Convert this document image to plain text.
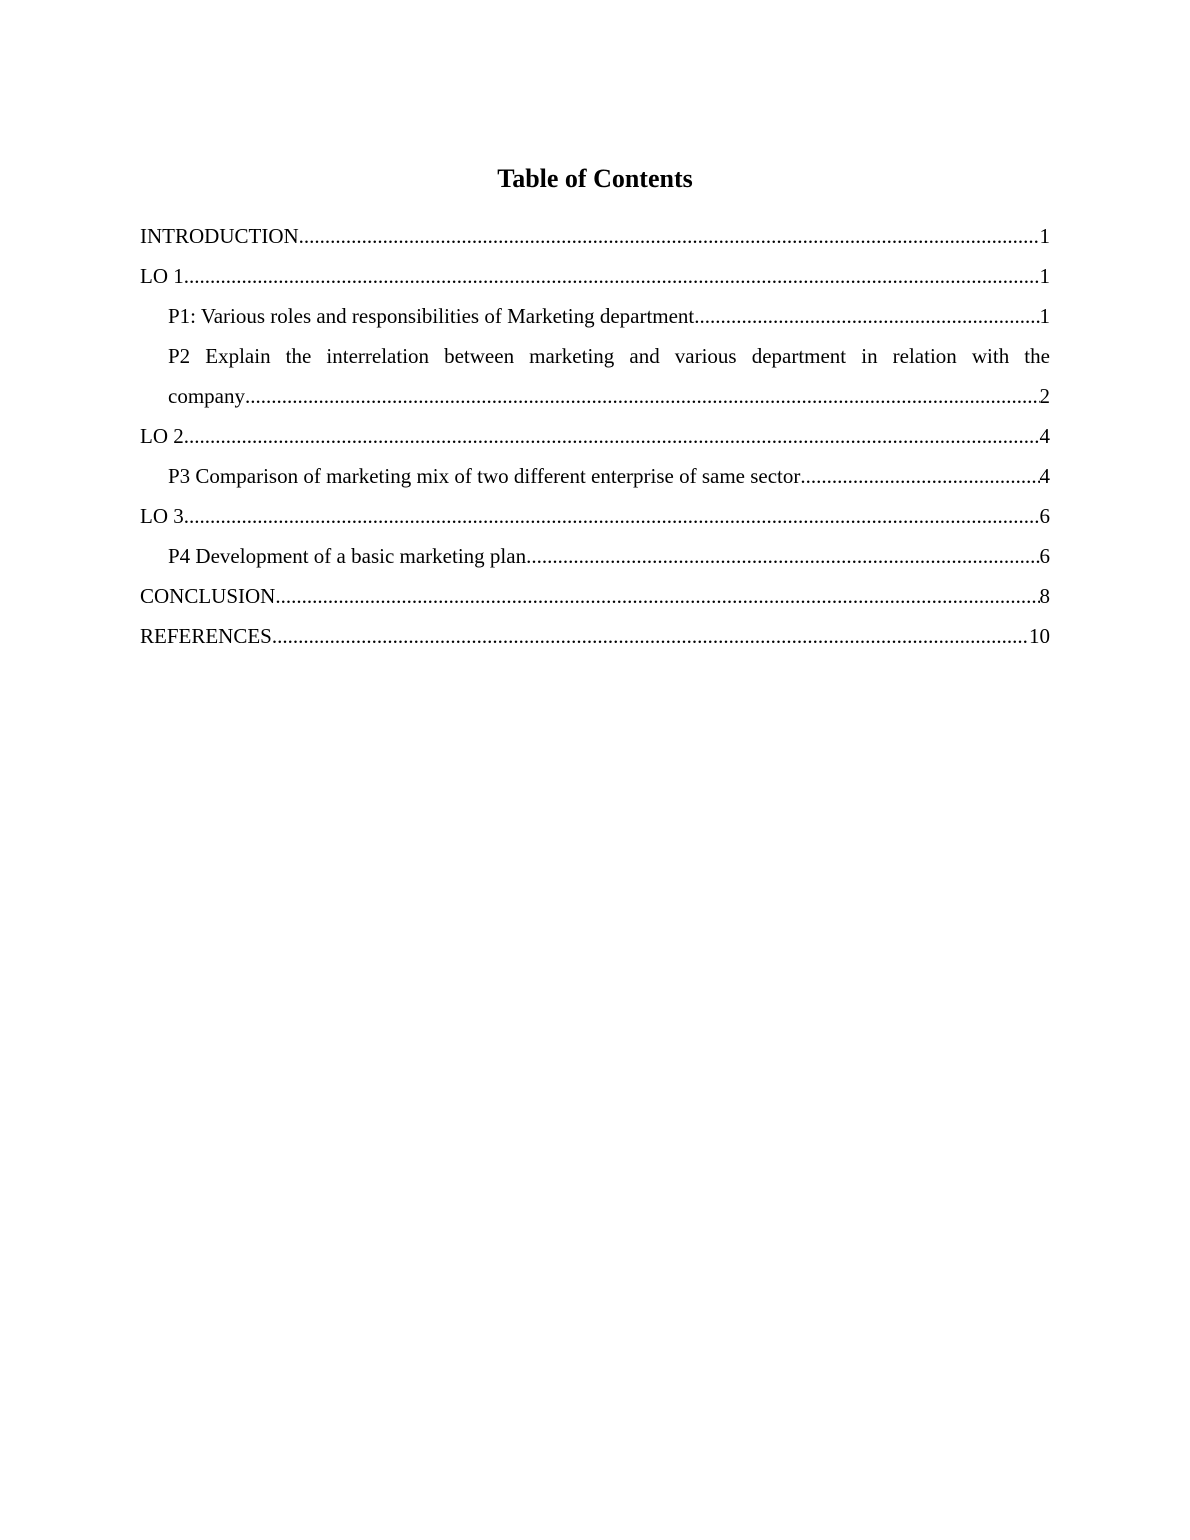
Table of Contents
INTRODUCTION .....	1
LO 1 .....	1
P1: Various roles and responsibilities of Marketing department .....	1
P2 Explain the interrelation between marketing and various department in relation with the
company .....	2
LO 2 .....	4
P3 Comparison of marketing mix of two different enterprise of same sector .....	4
LO 3 .....	6
P4 Development of a basic marketing plan .....	6
CONCLUSION .....	8
REFERENCES .....	10
